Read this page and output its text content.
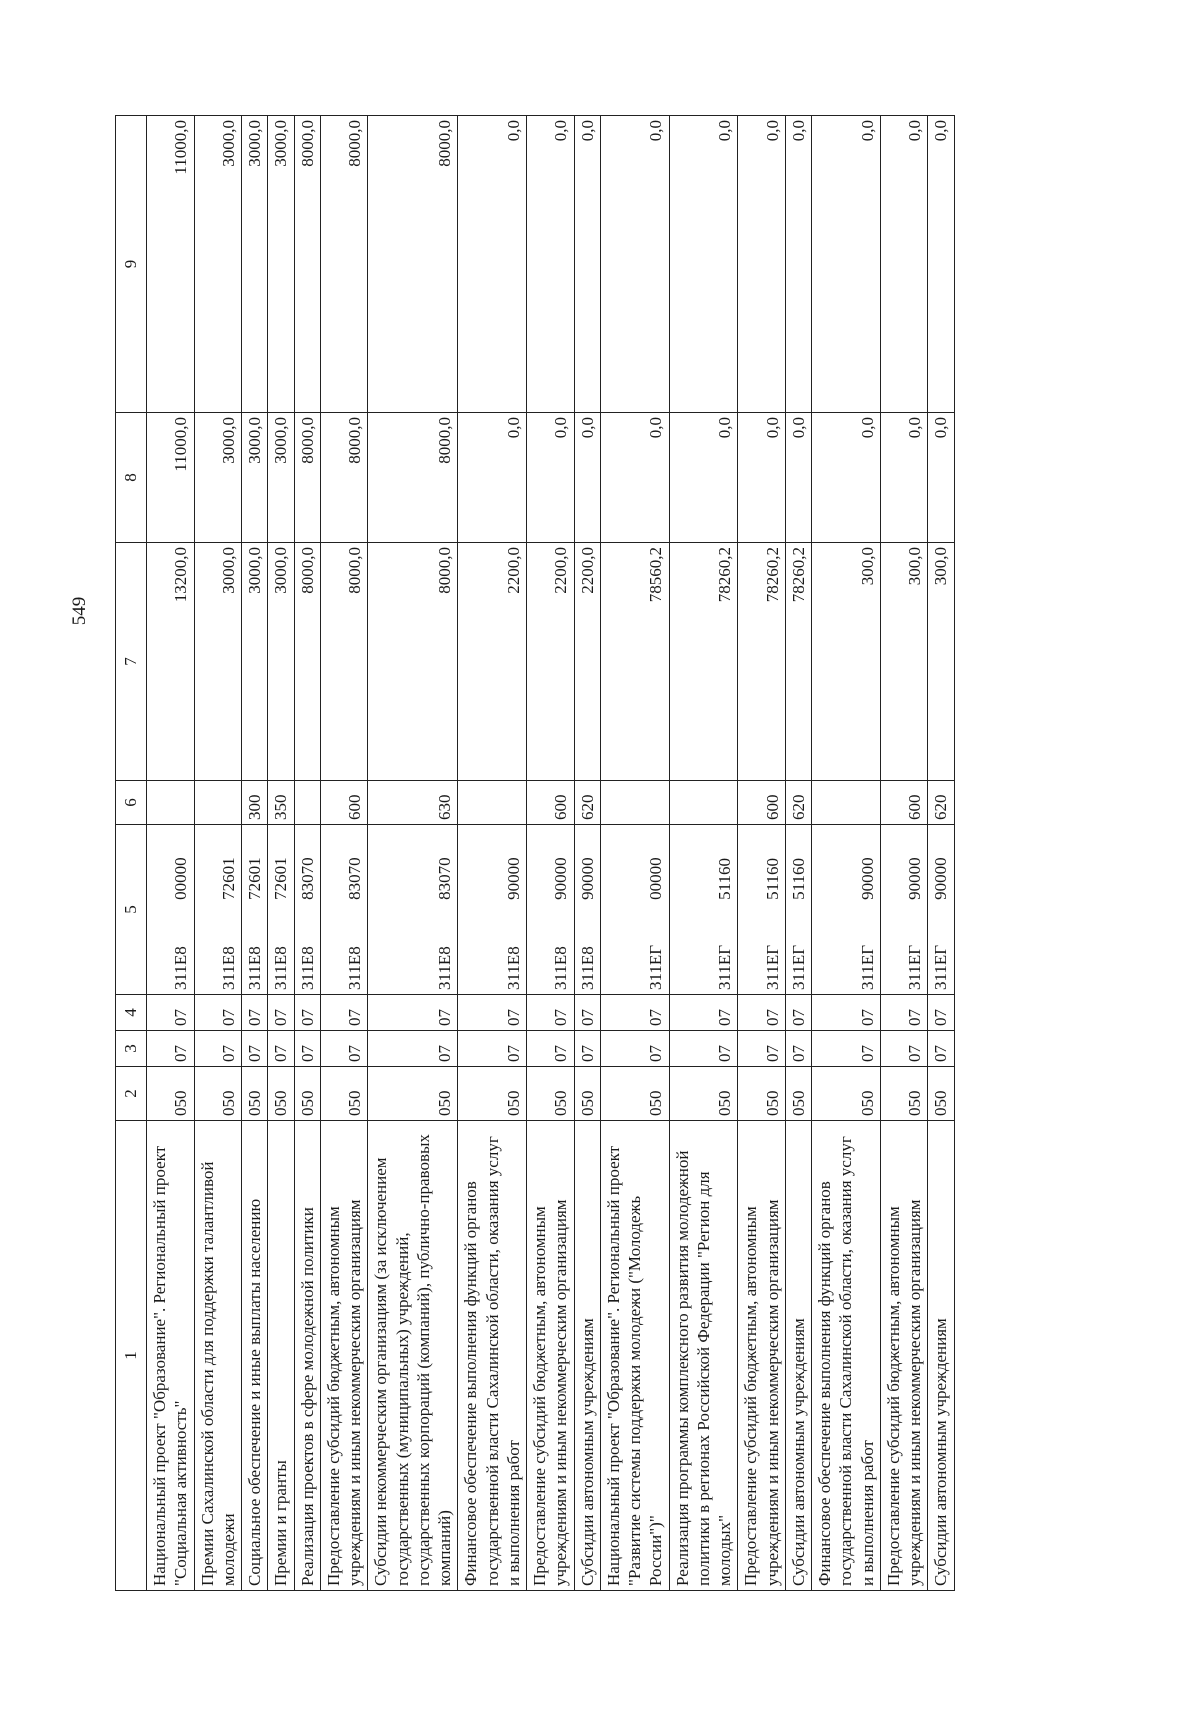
549
1	2	3	4	5	6	7	8	9
Национальный проект "Образование". Региональный проект "Социальная активность"	050	07	07	311E800000		13200,0	11000,0	11000,0
Премии Сахалинской области для поддержки талантливой молодежи	050	07	07	311E872601		3000,0	3000,0	3000,0
Социальное обеспечение и иные выплаты населению	050	07	07	311E872601	300	3000,0	3000,0	3000,0
Премии и гранты	050	07	07	311E872601	350	3000,0	3000,0	3000,0
Реализация проектов в сфере молодежной политики	050	07	07	311E883070		8000,0	8000,0	8000,0
Предоставление субсидий бюджетным, автономным учреждениям и иным некоммерческим организациям	050	07	07	311E883070	600	8000,0	8000,0	8000,0
Субсидии некоммерческим организациям (за исключением государственных (муниципальных) учреждений, государственных корпораций (компаний), публично-правовых компаний)	050	07	07	311E883070	630	8000,0	8000,0	8000,0
Финансовое обеспечение выполнения функций органов государственной власти Сахалинской области, оказания услуг и выполнения работ	050	07	07	311E890000		2200,0	0,0	0,0
Предоставление субсидий бюджетным, автономным учреждениям и иным некоммерческим организациям	050	07	07	311E890000	600	2200,0	0,0	0,0
Субсидии автономным учреждениям	050	07	07	311E890000	620	2200,0	0,0	0,0
Национальный проект "Образование". Региональный проект "Развитие системы поддержки молодежи ("Молодежь России")"	050	07	07	311ЕГ00000		78560,2	0,0	0,0
Реализация программы комплексного развития молодежной политики в регионах Российской Федерации "Регион для молодых"	050	07	07	311ЕГ51160		78260,2	0,0	0,0
Предоставление субсидий бюджетным, автономным учреждениям и иным некоммерческим организациям	050	07	07	311ЕГ51160	600	78260,2	0,0	0,0
Субсидии автономным учреждениям	050	07	07	311ЕГ51160	620	78260,2	0,0	0,0
Финансовое обеспечение выполнения функций органов государственной власти Сахалинской области, оказания услуг и выполнения работ	050	07	07	311ЕГ90000		300,0	0,0	0,0
Предоставление субсидий бюджетным, автономным учреждениям и иным некоммерческим организациям	050	07	07	311ЕГ90000	600	300,0	0,0	0,0
Субсидии автономным учреждениям	050	07	07	311ЕГ90000	620	300,0	0,0	0,0
